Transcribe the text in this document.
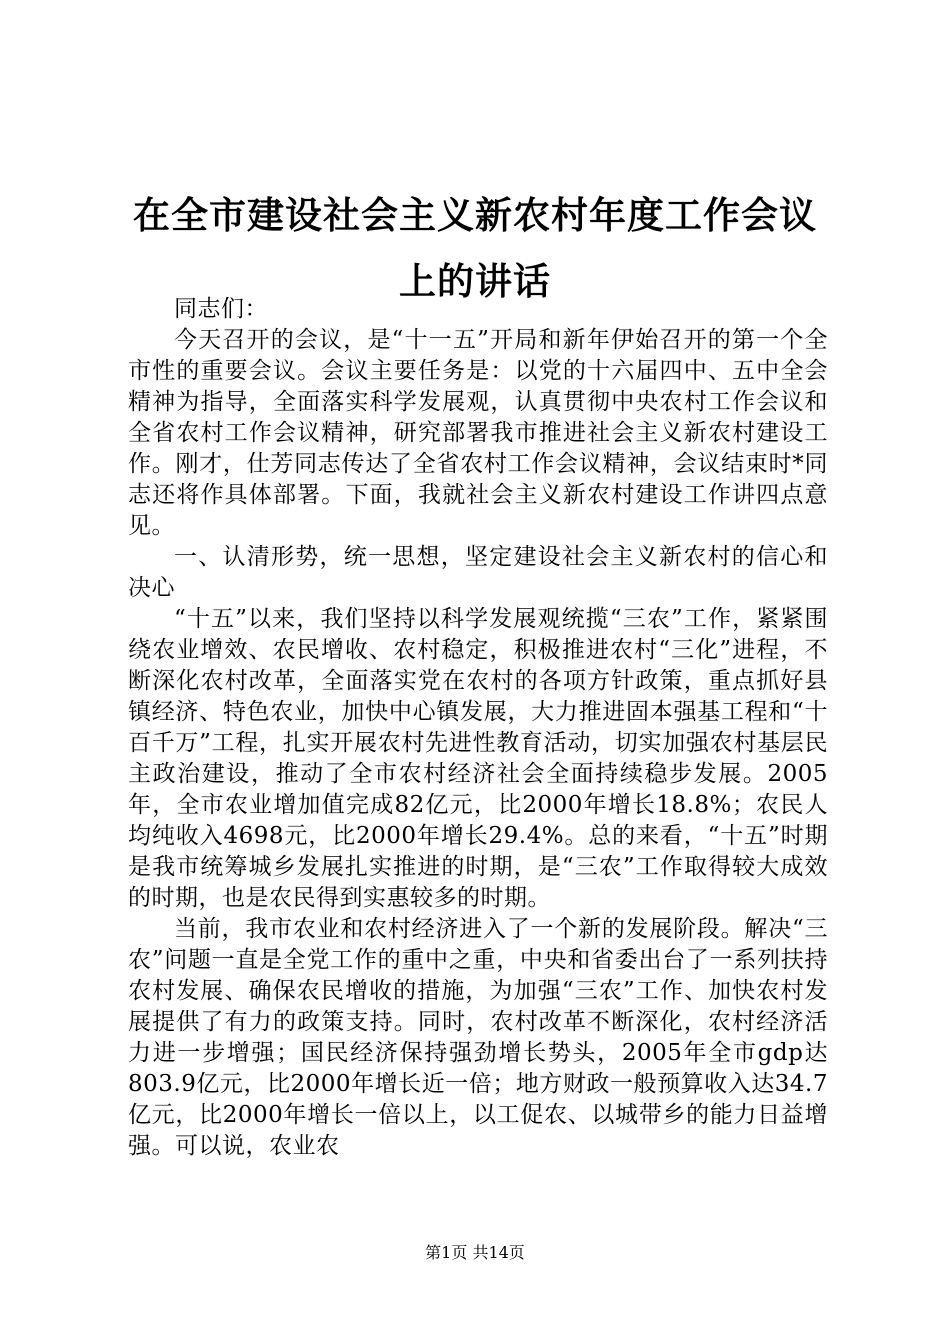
在全市建设社会主义新农村年度工作会议上的讲话

同志们：

今天召开的会议，是“十一五”开局和新年伊始召开的第一个全市性的重要会议。会议主要任务是：以党的十六届四中、五中全会精神为指导，全面落实科学发展观，认真贯彻中央农村工作会议和全省农村工作会议精神，研究部署我市推进社会主义新农村建设工作。刚才，仕芳同志传达了全省农村工作会议精神，会议结束时*同志还将作具体部署。下面，我就社会主义新农村建设工作讲四点意见。

一、认清形势，统一思想，坚定建设社会主义新农村的信心和决心

“十五”以来，我们坚持以科学发展观统揽“三农”工作，紧紧围绕农业增效、农民增收、农村稳定，积极推进农村“三化”进程，不断深化农村改革，全面落实党在农村的各项方针政策，重点抓好县镇经济、特色农业，加快中心镇发展，大力推进固本强基工程和“十百千万”工程，扎实开展农村先进性教育活动，切实加强农村基层民主政治建设，推动了全市农村经济社会全面持续稳步发展。2005年，全市农业增加值完成82亿元，比2000年增长18.8%；农民人均纯收入4698元，比2000年增长29.4%。总的来看，“十五”时期是我市统筹城乡发展扎实推进的时期，是“三农”工作取得较大成效的时期，也是农民得到实惠较多的时期。

当前，我市农业和农村经济进入了一个新的发展阶段。解决“三农”问题一直是全党工作的重中之重，中央和省委出台了一系列扶持农村发展、确保农民增收的措施，为加强“三农”工作、加快农村发展提供了有力的政策支持。同时，农村改革不断深化，农村经济活力进一步增强；国民经济保持强劲增长势头，2005年全市gdp达803.9亿元，比2000年增长近一倍；地方财政一般预算收入达34.7亿元，比2000年增长一倍以上，以工促农、以城带乡的能力日益增强。可以说，农业农

第1页 共14页
